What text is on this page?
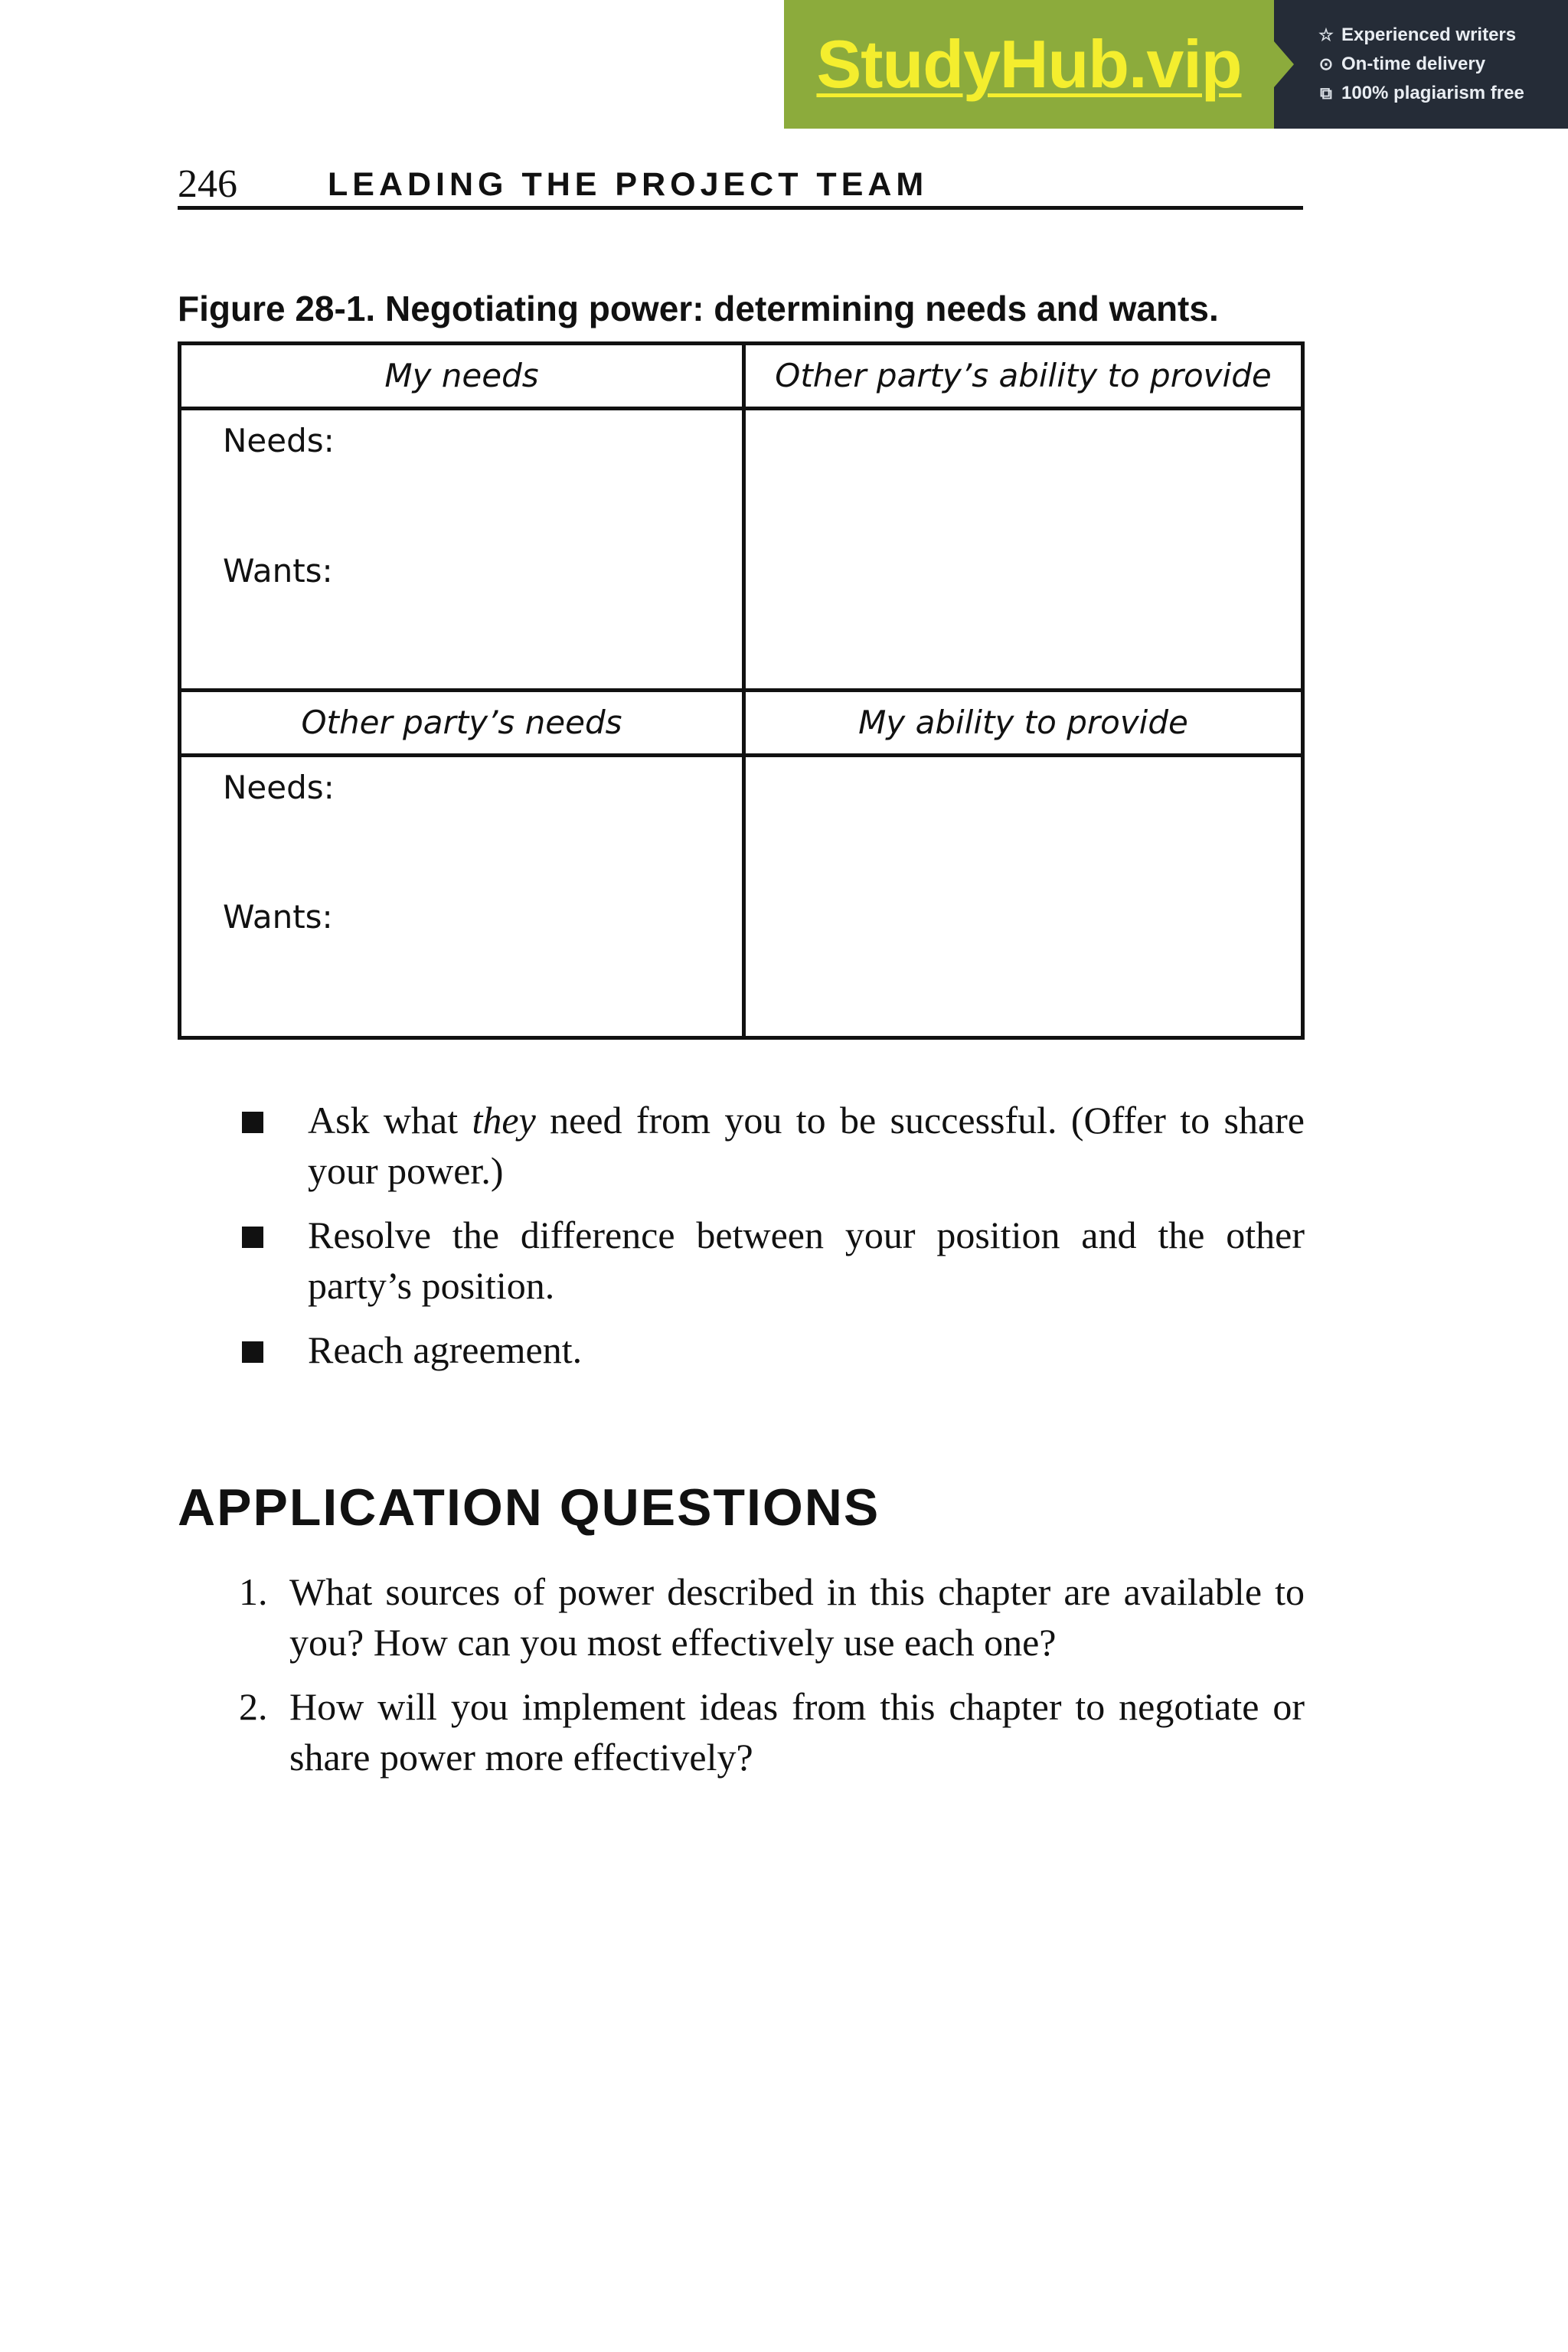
StudyHub.vip	☆ Experienced writers
⊙ On-time delivery
⧉ 100% plagiarism free
246	LEADING THE PROJECT TEAM
Figure 28-1. Negotiating power: determining needs and wants.
My needs	Other party’s ability to provide
Needs:
Wants:
Other party’s needs	My ability to provide
Needs:
Wants:
Ask what they need from you to be successful. (Offer to share your power.)
Resolve the difference between your position and the other party’s position.
Reach agreement.
APPLICATION QUESTIONS
1. What sources of power described in this chapter are available to you? How can you most effectively use each one?
2. How will you implement ideas from this chapter to negotiate or share power more effectively?
